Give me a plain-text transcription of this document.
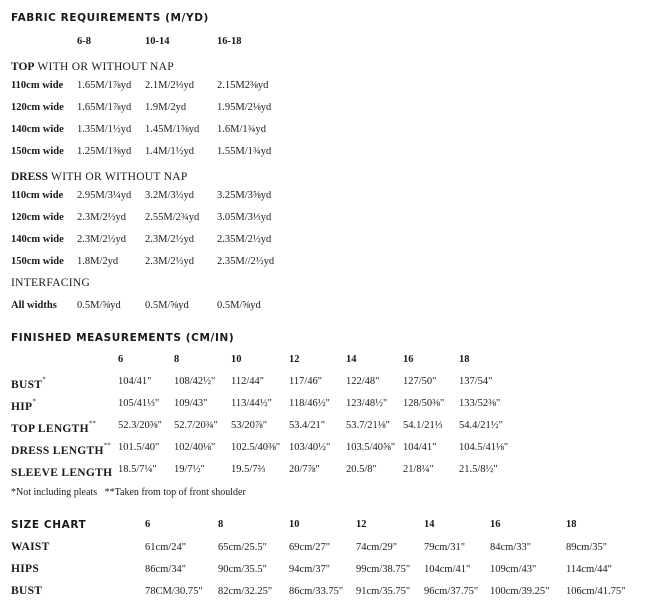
FABRIC REQUIREMENTS (M/YD)
6-8	10-14	16-18
TOP WITH OR WITHOUT NAP
110cm wide 1.65M/1⅞yd 2.1M/2⅓yd 2.15M2⅜yd
120cm wide 1.65M/1⅞yd 1.9M/2yd	1.95M/2⅛yd
140cm wide 1.35M/1½yd 1.45M/1⅝yd 1.6M/1¾yd
150cm wide 1.25M/1⅜yd 1.4M/1½yd 1.55M/1¾yd
DRESS WITH OR WITHOUT NAP
110cm wide 2.95M/3¼yd 3.2M/3½yd 3.25M/3⅝yd
120cm wide 2.3M/2½yd 2.55M/2¾yd 3.05M/3⅓yd
140cm wide 2.3M/2½yd 2.3M/2½yd 2.35M/2½yd
150cm wide 1.8M/2yd	2.3M/2½yd 2.35M//2½yd
INTERFACING
All widths 0.5M/⅝yd 0.5M/⅝yd	0.5M/⅝yd
FINISHED MEASUREMENTS (CM/IN)
6	8	10	12	14	16	18
BUST*	104/41" 108/42½" 112/44" 117/46" 122/48" 127/50" 137/54"
HIP*	105/41⅓" 109/43" 113/44½" 118/46½" 123/48½" 128/50⅜" 133/52⅜"
TOP LENGTH** 52.3/20⅝" 52.7/20¾" 53/20⅞" 53.4/21" 53.7/21⅛" 54.1/21⅓ 54.4/21½"
DRESS LENGTH** 101.5/40" 102/40⅛" 102.5/40⅜" 103/40½" 103.5/40⅝" 104/41" 104.5/41⅛"
SLEEVE LENGTH 18.5/7¼" 19/7½" 19.5/7⅔ 20/7⅞" 20.5/8" 21/8¼" 21.5/8½"
*Not including pleats   **Taken from top of front shoulder
SIZE CHART	6	8	10	12	14	16	18
WAIST	61cm/24"	65cm/25.5" 69cm/27" 74cm/29"	79cm/31" 84cm/33"	89cm/35"
HIPS	86cm/34"	90cm/35.5" 94cm/37" 99cm/38.75" 104cm/41" 109cm/43"	114cm/44"
BUST	78CM/30.75" 82cm/32.25" 86cm/33.75" 91cm/35.75" 96cm/37.75" 100cm/39.25" 106cm/41.75"
